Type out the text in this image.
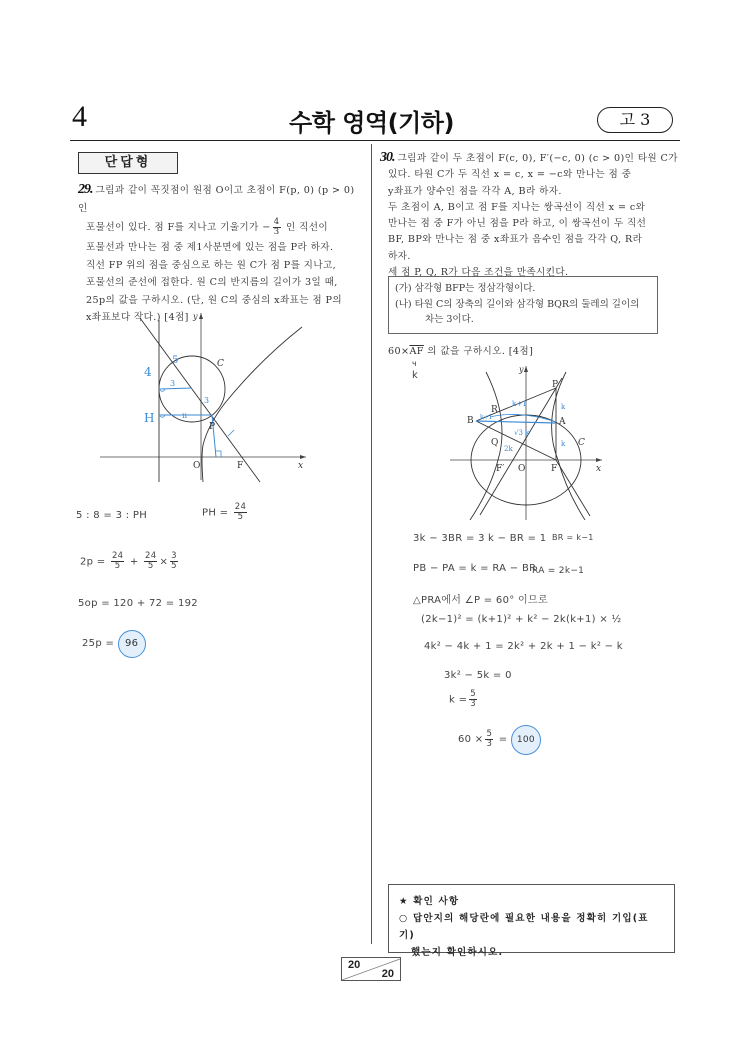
4	수학 영역(기하)	고 3
단답형
29. 그림과 같이 꼭짓점이 원점 O이고 초점이 F(p, 0) (p > 0)인
포물선이 있다. 점 F를 지나고 기울기가 − $\frac{4}{3}$ 인 직선이
포물선과 만나는 점 중 제1사분면에 있는 점을 P라 하자.
직선 FP 위의 점을 중심으로 하는 원 C가 점 P를 지나고,
포물선의 준선에 접한다. 원 C의 반지름의 길이가 3일 때,
25p의 값을 구하시오. (단, 원 C의 중심의 x좌표는 점 P의
x좌표보다 작다.) [4점]
5
4
3
3
H	ıı
y
x
O	F
P
C
5 : 8 = 3 : PH	PH = $\frac{24}{5}$
$2p = \frac{24}{5} + \frac{24}{5} \times \frac{3}{5}$
5op = 120 + 72 = 192
25p = 96
30. 그림과 같이 두 초점이 F(c, 0), F′(−c, 0) (c > 0)인 타원 C가
있다. 타원 C가 두 직선 x = c, x = −c와 만나는 점 중
y좌표가 양수인 점을 각각 A, B라 하자.
두 초점이 A, B이고 점 F를 지나는 쌍곡선이 직선 x = c와
만나는 점 중 F가 아닌 점을 P라 하고, 이 쌍곡선이 두 직선
BF, BP와 만나는 점 중 x좌표가 음수인 점을 각각 Q, R라
하자.
세 점 P, Q, R가 다음 조건을 만족시킨다.
(가) 삼각형 BFP는 정삼각형이다.
(나) 타원 C의 장축의 길이와 삼각형 BQR의 둘레의 길이의 차는 3이다.
$60\times\overline{AF}$ 의 값을 구하시오. [4점]
ч
k
k+1
k+1
k
k
√3 k
2k
y
x
O	F
F′
P
A
B
Q
R
C
3k − 3BR = 3 k − BR = 1 BR = k−1
PB − PA = k = RA − BR
RA = 2k−1
△PRA에서 ∠P = 60° 이므로
(2k−1)² = (k+1)² + k² − 2k(k+1) × ½
4k² − 4k + 1 = 2k² + 2k + 1 − k² − k
3k² − 5k = 0
$k = \frac{5}{3}$
$60 \times \frac{5}{3} = 100$
★ 확인 사항
○ 답안지의 해당란에 필요한 내용을 정확히 기입(표기)
했는지 확인하시오.
20
20
